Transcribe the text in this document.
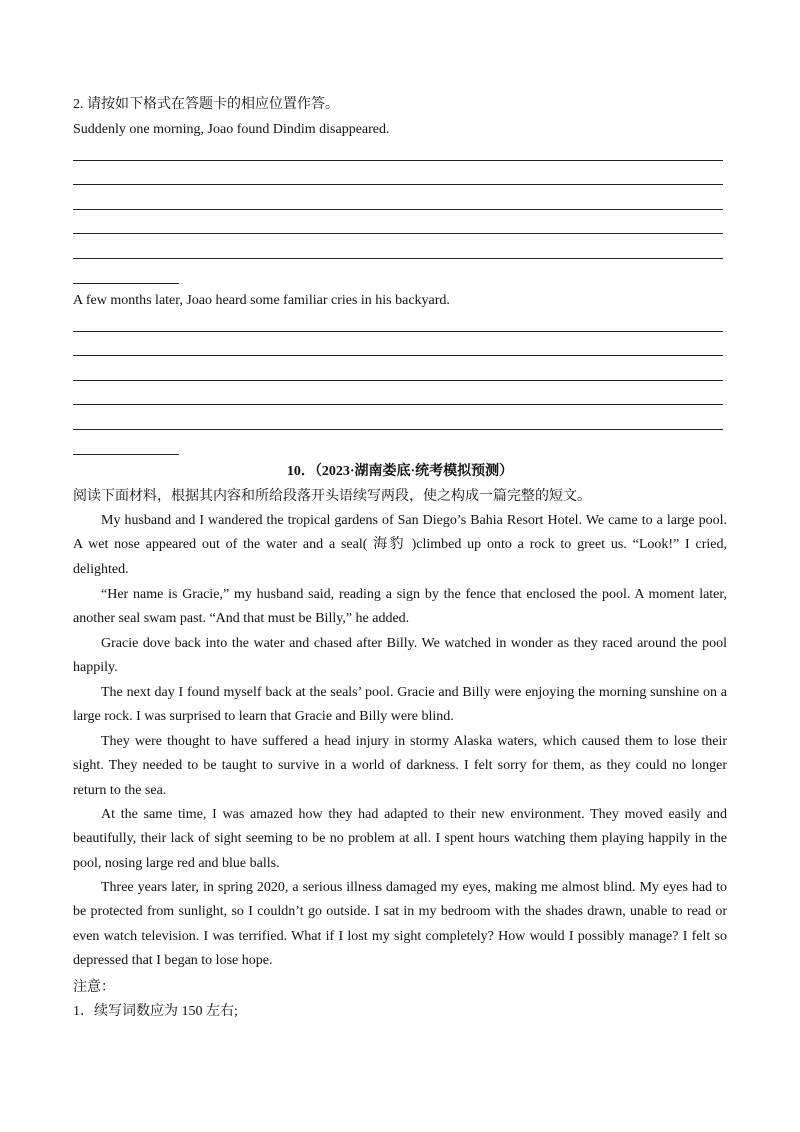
2. 请按如下格式在答题卡的相应位置作答。
Suddenly one morning, Joao found Dindim disappeared.
A few months later, Joao heard some familiar cries in his backyard.
10．（2023·湖南娄底·统考模拟预测）
阅读下面材料，根据其内容和所给段落开头语续写两段，使之构成一篇完整的短文。

My husband and I wandered the tropical gardens of San Diego’s Bahia Resort Hotel. We came to a large pool. A wet nose appeared out of the water and a seal( 海豹 )climbed up onto a rock to greet us. “Look!” I cried, delighted.

“Her name is Gracie,” my husband said, reading a sign by the fence that enclosed the pool. A moment later, another seal swam past. “And that must be Billy,” he added.

Gracie dove back into the water and chased after Billy. We watched in wonder as they raced around the pool happily.

The next day I found myself back at the seals’ pool. Gracie and Billy were enjoying the morning sunshine on a large rock. I was surprised to learn that Gracie and Billy were blind.

They were thought to have suffered a head injury in stormy Alaska waters, which caused them to lose their sight. They needed to be taught to survive in a world of darkness. I felt sorry for them, as they could no longer return to the sea.

At the same time, I was amazed how they had adapted to their new environment. They moved easily and beautifully, their lack of sight seeming to be no problem at all. I spent hours watching them playing happily in the pool, nosing large red and blue balls.

Three years later, in spring 2020, a serious illness damaged my eyes, making me almost blind. My eyes had to be protected from sunlight, so I couldn’t go outside. I sat in my bedroom with the shades drawn, unable to read or even watch television. I was terrified. What if I lost my sight completely? How would I possibly manage? I felt so depressed that I began to lose hope.

注意：
1．续写词数应为 150 左右;
